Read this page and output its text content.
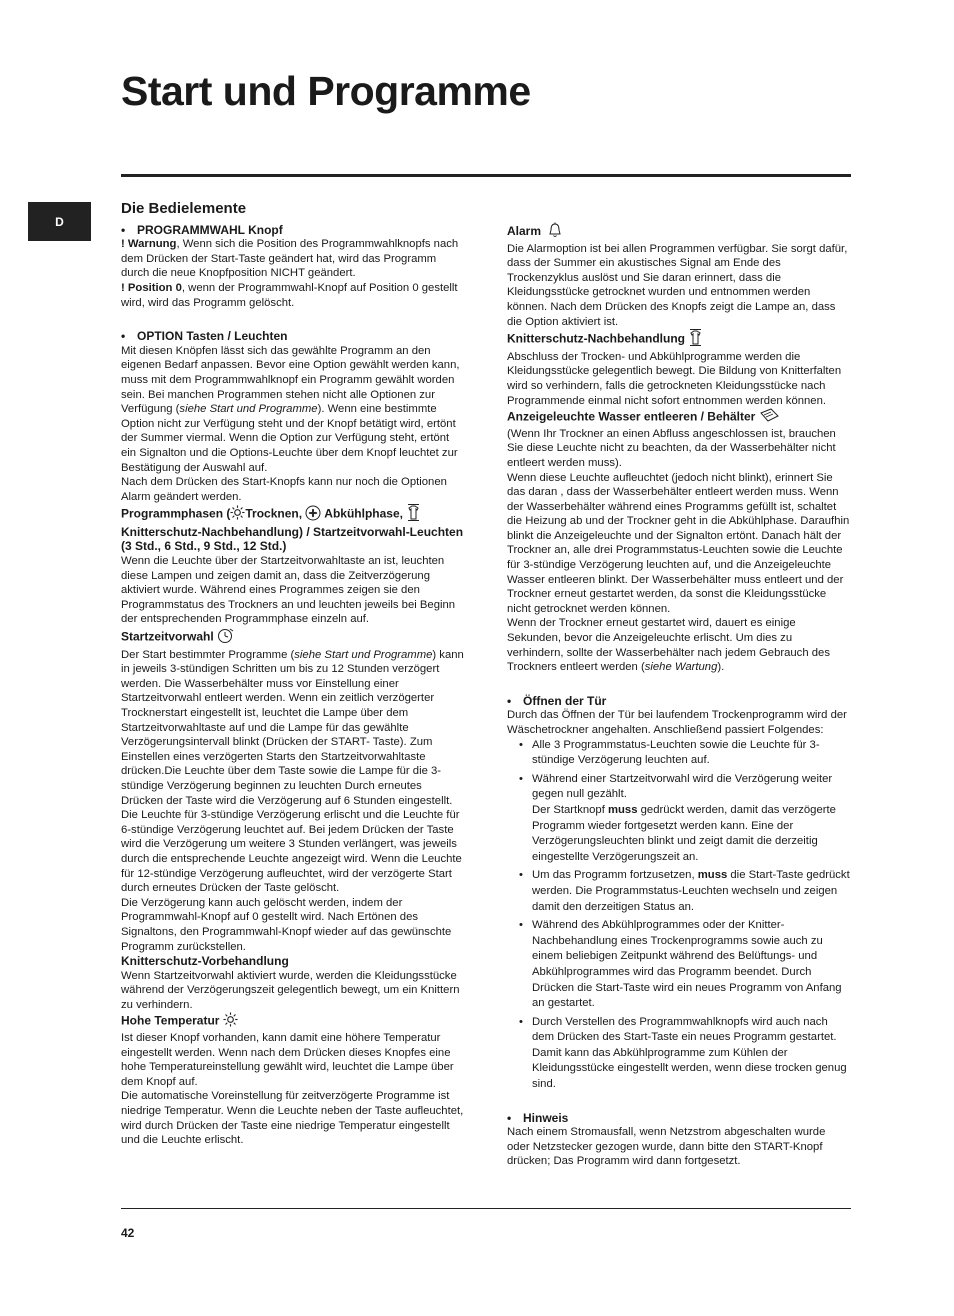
Start und Programme
D
Die Bedielemente
• PROGRAMMWAHL Knopf

! Warnung, Wenn sich die Position des Programmwahlknopfs nach dem Drücken der Start-Taste geändert hat, wird das Programm durch die neue Knopfposition NICHT geändert.

! Position 0, wenn der Programmwahl-Knopf auf Position 0 gestellt wird, wird das Programm gelöscht.

• OPTION Tasten / Leuchten

Mit diesen Knöpfen lässt sich das gewählte Programm an den eigenen Bedarf anpassen. Bevor eine Option gewählt werden kann, muss mit dem Programmwahlknopf ein Programm gewählt worden sein. Bei manchen Programmen stehen nicht alle Optionen zur Verfügung (siehe Start und Programme). Wenn eine bestimmte Option nicht zur Verfügung steht und der Knopf betätigt wird, ertönt der Summer viermal. Wenn die Option zur Verfügung steht, ertönt ein Signalton und die Options-Leuchte über dem Knopf leuchtet zur Bestätigung der Auswahl auf.

Nach dem Drücken des Start-Knopfs kann nur noch die Optionen Alarm geändert werden.

Programmphasen ( Trocknen, Abkühlphase,  Knitterschutz-Nachbehandlung) / Startzeitvorwahl-Leuchten (3 Std., 6 Std., 9 Std., 12 Std.)

Wenn die Leuchte über der Startzeitvorwahltaste an ist, leuchten diese Lampen und zeigen damit an, dass die Zeitverzögerung aktiviert wurde. Während eines Programmes zeigen sie den Programmstatus des Trockners an und leuchten jeweils bei Beginn der entsprechenden Programmphase einzeln auf.

Startzeitvorwahl

Der Start bestimmter Programme (siehe Start und Programme) kann in jeweils 3-stündigen Schritten um bis zu 12 Stunden verzögert werden. Die Wasserbehälter muss vor Einstellung einer Startzeitvorwahl entleert werden. Wenn ein zeitlich verzögerter Trocknerstart eingestellt ist, leuchtet die Lampe über dem Startzeitvorwahltaste auf und die Lampe für das gewählte Verzögerungsintervall blinkt (Drücken der START- Taste). Zum Einstellen eines verzögerten Starts den Startzeitvorwahltaste drücken.Die Leuchte über dem Taste sowie die Lampe für die 3-stündige Verzögerung beginnen zu leuchten Durch erneutes Drücken der Taste wird die Verzögerung auf 6 Stunden eingestellt. Die Leuchte für 3-stündige Verzögerung erlischt und die Leuchte für 6-stündige Verzögerung leuchtet auf. Bei jedem Drücken der Taste wird die Verzögerung um weitere 3 Stunden verlängert, was jeweils durch die entsprechende Leuchte angezeigt wird. Wenn die Leuchte für 12-stündige Verzögerung aufleuchtet, wird der verzögerte Start durch erneutes Drücken der Taste gelöscht.

Die Verzögerung kann auch gelöscht werden, indem der Programmwahl-Knopf auf 0 gestellt wird. Nach Ertönen des Signaltons, den Programmwahl-Knopf wieder auf das gewünschte Programm zurückstellen.

Knitterschutz-Vorbehandlung

Wenn Startzeitvorwahl aktiviert wurde, werden die Kleidungsstücke während der Verzögerungszeit gelegentlich bewegt, um ein Knittern zu verhindern.

Hohe Temperatur

Ist dieser Knopf vorhanden, kann damit eine höhere Temperatur eingestellt werden. Wenn nach dem Drücken dieses Knopfes eine hohe Temperatureinstellung gewählt wird, leuchtet die Lampe über dem Knopf auf.

Die automatische Voreinstellung für zeitverzögerte Programme ist niedrige Temperatur. Wenn die Leuchte neben der Taste aufleuchtet, wird durch Drücken der Taste eine niedrige Temperatur eingestellt und die Leuchte erlischt.

Alarm

Die Alarmoption ist bei allen Programmen verfügbar. Sie sorgt dafür, dass der Summer ein akustisches Signal am Ende des Trockenzyklus auslöst und Sie daran erinnert, dass die Kleidungsstücke getrocknet wurden und entnommen werden können. Nach dem Drücken des Knopfs zeigt die Lampe an, dass die Option aktiviert ist.

Knitterschutz-Nachbehandlung

Abschluss der Trocken- und Abkühlprogramme werden die Kleidungsstücke gelegentlich bewegt. Die Bildung von Knitterfalten wird so verhindern, falls die getrockneten Kleidungsstücke nach Programmende einmal nicht sofort entnommen werden können.

Anzeigeleuchte Wasser entleeren / Behälter

(Wenn Ihr Trockner an einen Abfluss angeschlossen ist, brauchen Sie diese Leuchte nicht zu beachten, da der Wasserbehälter nicht entleert werden muss).

Wenn diese Leuchte aufleuchtet (jedoch nicht blinkt), erinnert Sie das daran , dass der Wasserbehälter entleert werden muss. Wenn der Wasserbehälter während eines Programms gefüllt ist, schaltet die Heizung ab und der Trockner geht in die Abkühlphase. Daraufhin blinkt die Anzeigeleuchte und der Signalton ertönt. Danach hält der Trockner an, alle drei Programmstatus-Leuchten sowie die Leuchte für 3-stündige Verzögerung leuchten auf, und die Anzeigeleuchte Wasser entleeren blinkt. Der Wasserbehälter muss entleert und der Trockner erneut gestartet werden, da sonst die Kleidungsstücke nicht getrocknet werden können.

Wenn der Trockner erneut gestartet wird, dauert es einige Sekunden, bevor die Anzeigeleuchte erlischt. Um dies zu verhindern, sollte der Wasserbehälter nach jedem Gebrauch des Trockners entleert werden (siehe Wartung).

• Öffnen der Tür

Durch das Öffnen der Tür bei laufendem Trockenprogramm wird der Wäschetrockner angehalten. Anschließend passiert Folgendes:

• Alle 3 Programmstatus-Leuchten sowie die Leuchte für 3-stündige Verzögerung leuchten auf.
• Während einer Startzeitvorwahl wird die Verzögerung weiter gegen null gezählt.
Der Startknopf muss gedrückt werden, damit das verzögerte Programm wieder fortgesetzt werden kann. Eine der Verzögerungsleuchten blinkt und zeigt damit die derzeitig eingestellte Verzögerungszeit an.
• Um das Programm fortzusetzen, muss die Start-Taste gedrückt werden. Die Programmstatus-Leuchten wechseln und zeigen damit den derzeitigen Status an.
• Während des Abkühlprogrammes oder der Knitter-Nachbehandlung eines Trockenprogramms sowie auch zu einem beliebigen Zeitpunkt während des Belüftungs- und Abkühlprogrammes wird das Programm beendet. Durch Drücken die Start-Taste wird ein neues Programm von Anfang an gestartet.
• Durch Verstellen des Programmwahlknopfs wird auch nach dem Drücken des Start-Taste ein neues Programm gestartet. Damit kann das Abkühlprogramme zum Kühlen der Kleidungsstücke eingestellt werden, wenn diese trocken genug sind.
• Hinweis

Nach einem Stromausfall, wenn Netzstrom abgeschalten wurde oder Netzstecker gezogen wurde, dann bitte den START-Knopf drücken; Das Programm wird dann fortgesetzt.

42
